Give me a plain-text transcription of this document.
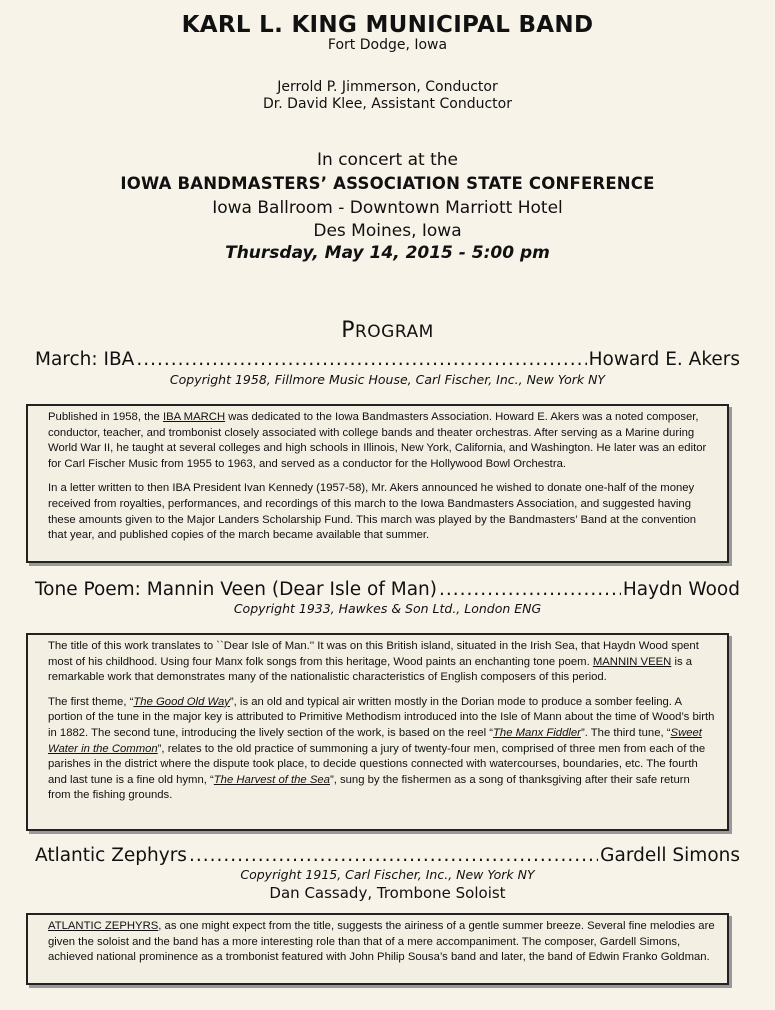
KARL L. KING MUNICIPAL BAND
Fort Dodge, Iowa
Jerrold P. Jimmerson, Conductor
Dr. David Klee, Assistant Conductor
In concert at the
IOWA BANDMASTERS’ ASSOCIATION STATE CONFERENCE
Iowa Ballroom - Downtown Marriott Hotel
Des Moines, Iowa
Thursday, May 14, 2015 - 5:00 pm
PROGRAM
March: IBA .....	Howard E. Akers
Copyright 1958, Fillmore Music House, Carl Fischer, Inc., New York NY

Published in 1958, the IBA MARCH was dedicated to the Iowa Bandmasters Association. Howard E. Akers was a noted composer, conductor, teacher, and trombonist closely associated with college bands and theater orchestras. After serving as a Marine during World War II, he taught at several colleges and high schools in Illinois, New York, California, and Washington. He later was an editor for Carl Fischer Music from 1955 to 1963, and served as a conductor for the Hollywood Bowl Orchestra.

In a letter written to then IBA President Ivan Kennedy (1957-58), Mr. Akers announced he wished to donate one-half of the money received from royalties, performances, and recordings of this march to the Iowa Bandmasters Association, and suggested having these amounts given to the Major Landers Scholarship Fund. This march was played by the Bandmasters’ Band at the convention that year, and published copies of the march became available that summer.

Tone Poem: Mannin Veen (Dear Isle of Man) .....	Haydn Wood
Copyright 1933, Hawkes & Son Ltd., London ENG

The title of this work translates to ``Dear Isle of Man.'' It was on this British island, situated in the Irish Sea, that Haydn Wood spent most of his childhood. Using four Manx folk songs from this heritage, Wood paints an enchanting tone poem. MANNIN VEEN is a remarkable work that demonstrates many of the nationalistic characteristics of English composers of this period.

The first theme, “The Good Old Way”, is an old and typical air written mostly in the Dorian mode to produce a somber feeling. A portion of the tune in the major key is attributed to Primitive Methodism introduced into the Isle of Mann about the time of Wood’s birth in 1882. The second tune, introducing the lively section of the work, is based on the reel “The Manx Fiddler”. The third tune, “Sweet Water in the Common”, relates to the old practice of summoning a jury of twenty-four men, comprised of three men from each of the parishes in the district where the dispute took place, to decide questions connected with watercourses, boundaries, etc. The fourth and last tune is a fine old hymn, “The Harvest of the Sea”, sung by the fishermen as a song of thanksgiving after their safe return from the fishing grounds.

Atlantic Zephyrs .....	Gardell Simons
Copyright 1915, Carl Fischer, Inc., New York NY
Dan Cassady, Trombone Soloist

ATLANTIC ZEPHYRS, as one might expect from the title, suggests the airiness of a gentle summer breeze. Several fine melodies are given the soloist and the band has a more interesting role than that of a mere accompaniment. The composer, Gardell Simons, achieved national prominence as a trombonist featured with John Philip Sousa’s band and later, the band of Edwin Franko Goldman.
